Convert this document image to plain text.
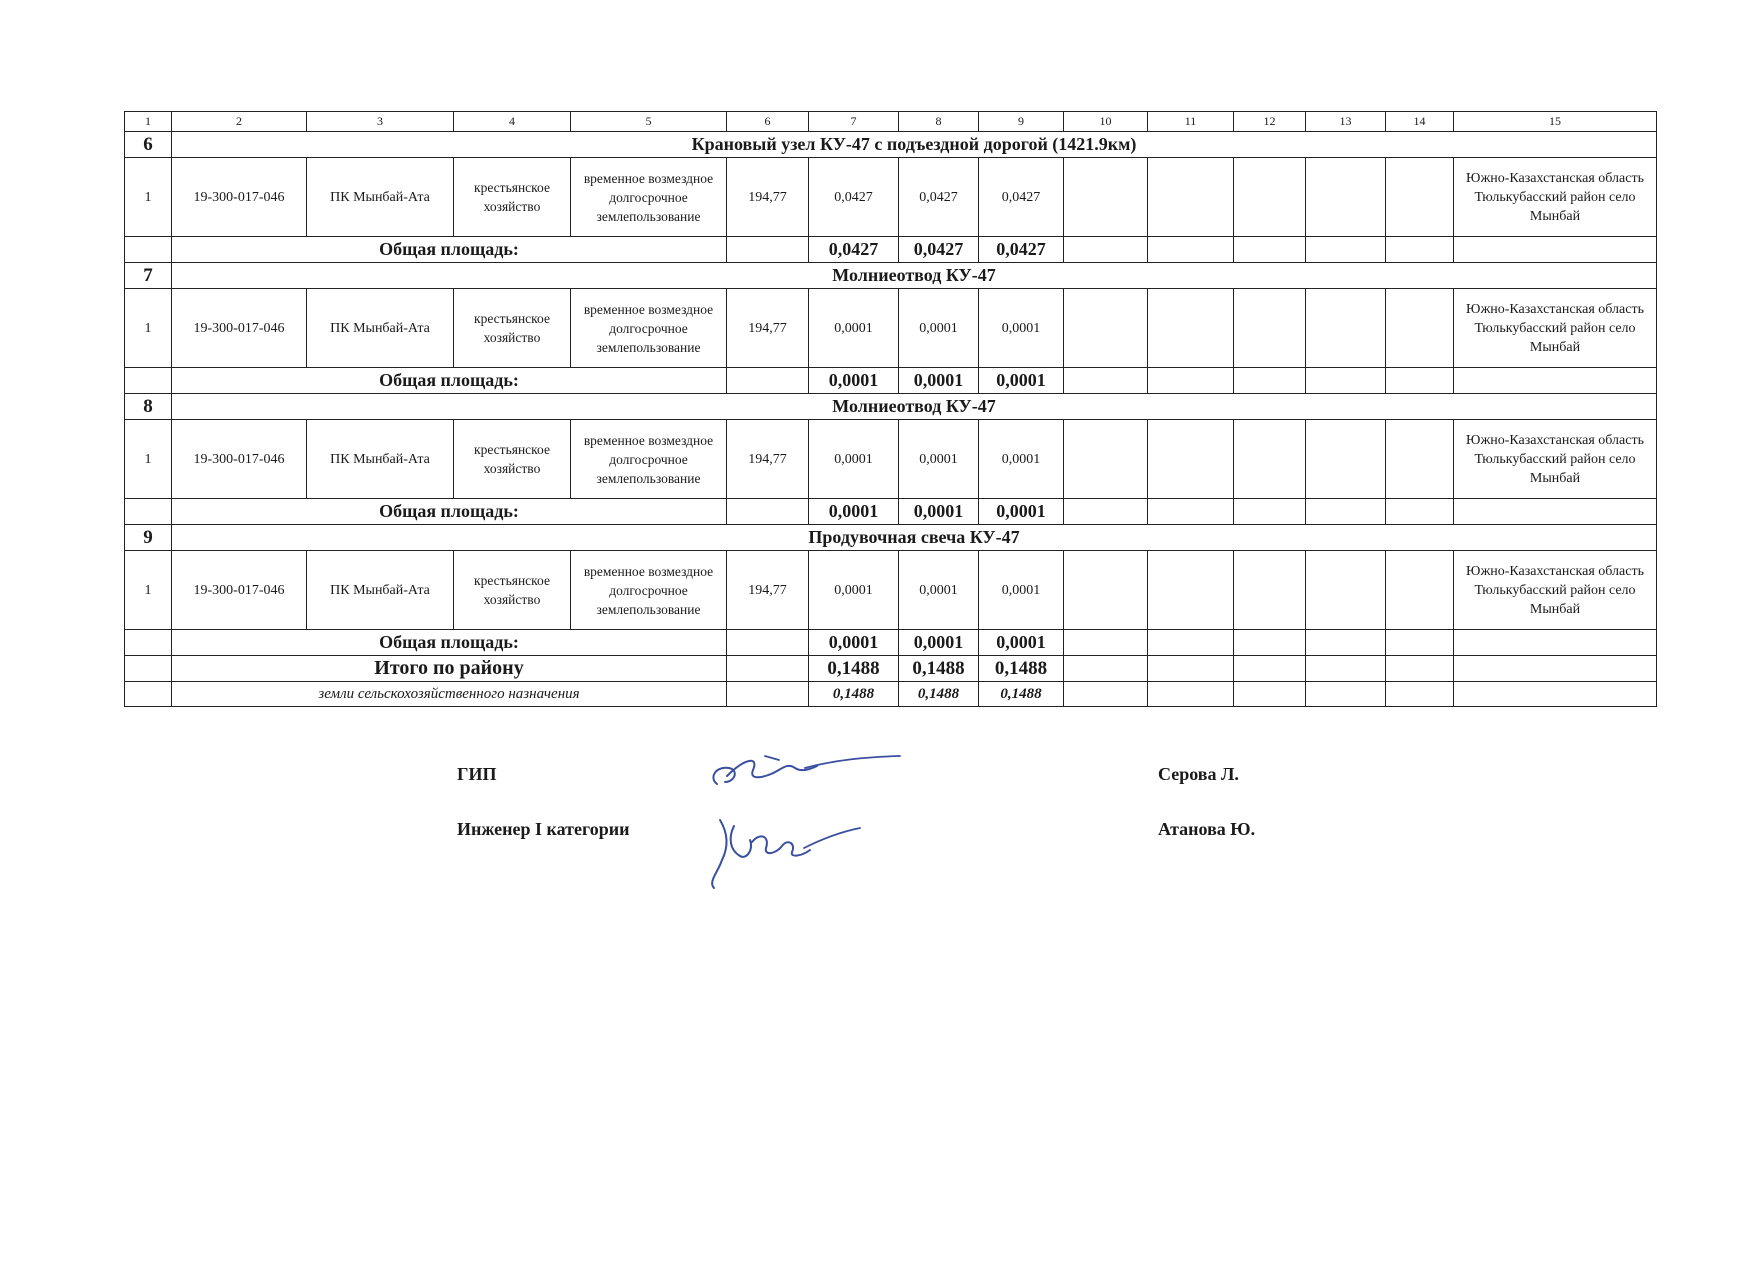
1	2	3	4	5	6	7	8	9	10	11	12	13	14	15
6	Крановый узел КУ-47 с подъездной дорогой (1421.9км)													
1	19-300-017-046	ПК Мынбай-Ата	крестьянское хозяйство	временное возмездное долгосрочное землепользование	194,77	0,0427	0,0427	0,0427						Южно-Казахстанская область Тюлькубасский район село Мынбай
	Общая площадь:					0,0427	0,0427	0,0427						
7	Молниеотвод КУ-47													
1	19-300-017-046	ПК Мынбай-Ата	крестьянское хозяйство	временное возмездное долгосрочное землепользование	194,77	0,0001	0,0001	0,0001						Южно-Казахстанская область Тюлькубасский район село Мынбай
	Общая площадь:					0,0001	0,0001	0,0001						
8	Молниеотвод КУ-47													
1	19-300-017-046	ПК Мынбай-Ата	крестьянское хозяйство	временное возмездное долгосрочное землепользование	194,77	0,0001	0,0001	0,0001						Южно-Казахстанская область Тюлькубасский район село Мынбай
	Общая площадь:					0,0001	0,0001	0,0001						
9	Продувочная свеча КУ-47													
1	19-300-017-046	ПК Мынбай-Ата	крестьянское хозяйство	временное возмездное долгосрочное землепользование	194,77	0,0001	0,0001	0,0001						Южно-Казахстанская область Тюлькубасский район село Мынбай
	Общая площадь:					0,0001	0,0001	0,0001						
	Итого по району					0,1488	0,1488	0,1488						
	земли сельскохозяйственного назначения					0,1488	0,1488	0,1488						
ГИП	Серова Л.
Инженер I категории	Атанова Ю.
